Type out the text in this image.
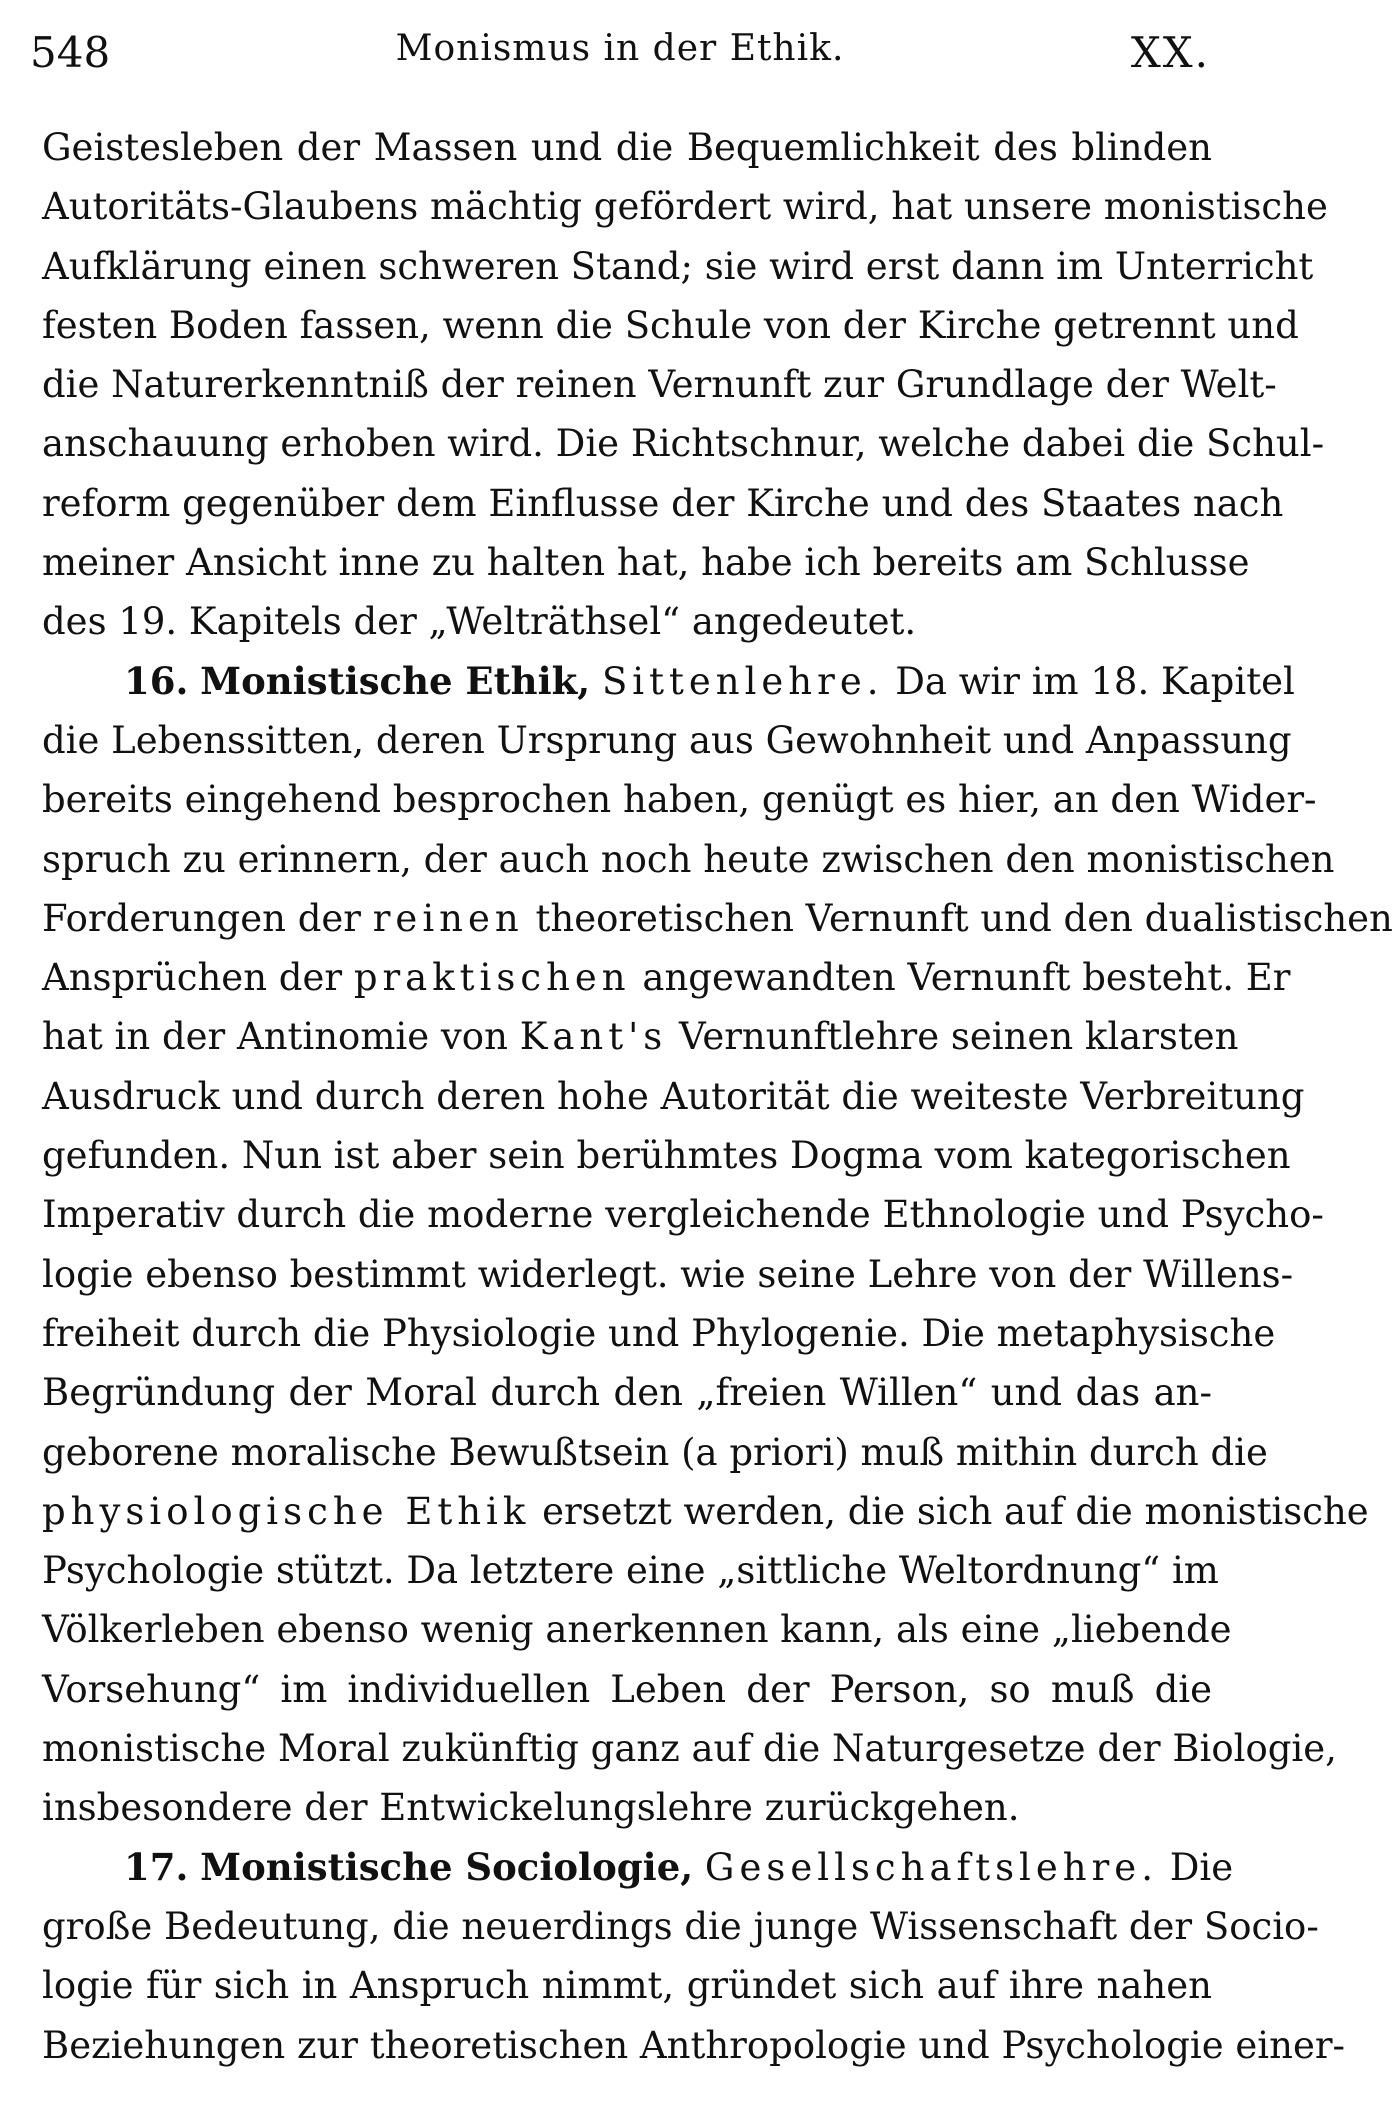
548	Monismus in der Ethik.	XX.
Geistesleben der Massen und die Bequemlichkeit des blinden
Autoritäts-Glaubens mächtig gefördert wird, hat unsere monistische
Aufklärung einen schweren Stand; sie wird erst dann im Unterricht
festen Boden fassen, wenn die Schule von der Kirche getrennt und
die Naturerkenntniß der reinen Vernunft zur Grundlage der Welt-
anschauung erhoben wird. Die Richtschnur, welche dabei die Schul-
reform gegenüber dem Einflusse der Kirche und des Staates nach
meiner Ansicht inne zu halten hat, habe ich bereits am Schlusse
des 19. Kapitels der „Welträthsel“ angedeutet.
16. Monistische Ethik, Sittenlehre. Da wir im 18. Kapitel
die Lebenssitten, deren Ursprung aus Gewohnheit und Anpassung
bereits eingehend besprochen haben, genügt es hier, an den Wider-
spruch zu erinnern, der auch noch heute zwischen den monistischen
Forderungen der reinen theoretischen Vernunft und den dualistischen
Ansprüchen der praktischen angewandten Vernunft besteht. Er
hat in der Antinomie von Kant's Vernunftlehre seinen klarsten
Ausdruck und durch deren hohe Autorität die weiteste Verbreitung
gefunden. Nun ist aber sein berühmtes Dogma vom kategorischen
Imperativ durch die moderne vergleichende Ethnologie und Psycho-
logie ebenso bestimmt widerlegt. wie seine Lehre von der Willens-
freiheit durch die Physiologie und Phylogenie. Die metaphysische
Begründung der Moral durch den „freien Willen“ und das an-
geborene moralische Bewußtsein (a priori) muß mithin durch die
physiologische Ethik ersetzt werden, die sich auf die monistische
Psychologie stützt. Da letztere eine „sittliche Weltordnung“ im
Völkerleben ebenso wenig anerkennen kann, als eine „liebende
Vorsehung“ im individuellen Leben der Person, so muß die
monistische Moral zukünftig ganz auf die Naturgesetze der Biologie,
insbesondere der Entwickelungslehre zurückgehen.
17. Monistische Sociologie, Gesellschaftslehre. Die
große Bedeutung, die neuerdings die junge Wissenschaft der Socio-
logie für sich in Anspruch nimmt, gründet sich auf ihre nahen
Beziehungen zur theoretischen Anthropologie und Psychologie einer-
